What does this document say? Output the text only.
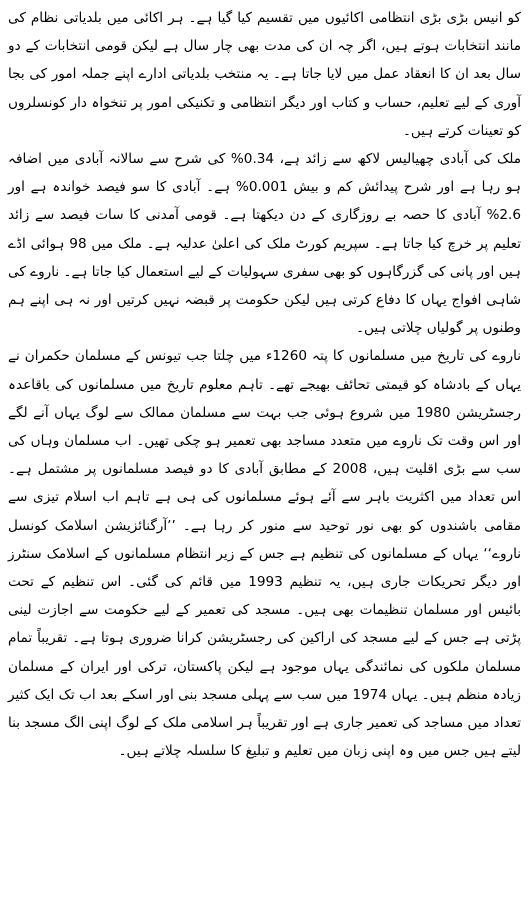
کو انیس بڑی بڑی انتظامی اکائیوں میں تقسیم کیا گیا ہے۔ ہر اکائی میں بلدیاتی نظام کی مانند انتخابات ہوتے ہیں، اگر چہ ان کی مدت بھی چار سال ہے لیکن قومی انتخابات کے دو سال بعد ان کا انعقاد عمل میں لایا جاتا ہے۔ یہ منتخب بلدیاتی ادارے اپنے جملہ امور کی بجا آوری کے لیے تعلیم، حساب و کتاب اور دیگر انتظامی و تکنیکی امور پر تنخواہ دار کونسلروں کو تعینات کرتے ہیں۔

ملک کی آبادی چھیالیس لاکھ سے زائد ہے، 0.34% کی شرح سے سالانہ آبادی میں اضافہ ہو رہا ہے اور شرح پیدائش کم و بیش 0.001% ہے۔ آبادی کا سو فیصد خواندہ ہے اور 2.6% آبادی کا حصہ بے روزگاری کے دن دیکھتا ہے۔ قومی آمدنی کا سات فیصد سے زائد تعلیم پر خرچ کیا جاتا ہے۔ سپریم کورٹ ملک کی اعلیٰ عدلیہ ہے۔ ملک میں 98 ہوائی اڈے ہیں اور پانی کی گزرگاہوں کو بھی سفری سہولیات کے لیے استعمال کیا جاتا ہے۔ ناروے کی شاہی افواج یہاں کا دفاع کرتی ہیں لیکن حکومت پر قبضہ نہیں کرتیں اور نہ ہی اپنے ہم وطنوں پر گولیاں چلاتی ہیں۔

ناروے کی تاریخ میں مسلمانوں کا پتہ 1260ء میں چلتا جب تیونس کے مسلمان حکمران نے یہاں کے بادشاہ کو قیمتی تحائف بھیجے تھے۔ تاہم معلوم تاریخ میں مسلمانوں کی باقاعدہ رجسٹریشن 1980 میں شروع ہوئی جب بہت سے مسلمان ممالک سے لوگ یہاں آنے لگے اور اس وقت تک ناروے میں متعدد مساجد بھی تعمیر ہو چکی تھیں۔ اب مسلمان وہاں کی سب سے بڑی اقلیت ہیں، 2008 کے مطابق آبادی کا دو فیصد مسلمانوں پر مشتمل ہے۔ اس تعداد میں اکثریت باہر سے آئے ہوئے مسلمانوں کی ہی ہے تاہم اب اسلام تیزی سے مقامی باشندوں کو بھی نور توحید سے منور کر رہا ہے۔ ’’آرگنائزیشن اسلامک کونسل ناروے‘‘ یہاں کے مسلمانوں کی تنظیم ہے جس کے زیر انتظام مسلمانوں کے اسلامک سنٹرز اور دیگر تحریکات جاری ہیں، یہ تنظیم 1993 میں قائم کی گئی۔ اس تنظیم کے تحت بائیس اور مسلمان تنظیمات بھی ہیں۔ مسجد کی تعمیر کے لیے حکومت سے اجازت لینی پڑتی ہے جس کے لیے مسجد کی اراکین کی رجسٹریشن کرانا ضروری ہوتا ہے۔ تقریباً تمام مسلمان ملکوں کی نمائندگی یہاں موجود ہے لیکن پاکستان، ترکی اور ایران کے مسلمان زیادہ منظم ہیں۔ یہاں 1974 میں سب سے پہلی مسجد بنی اور اسکے بعد اب تک ایک کثیر تعداد میں مساجد کی تعمیر جاری ہے اور تقریباً ہر اسلامی ملک کے لوگ اپنی الگ مسجد بنا لیتے ہیں جس میں وہ اپنی زبان میں تعلیم و تبلیغ کا سلسلہ چلاتے ہیں۔
